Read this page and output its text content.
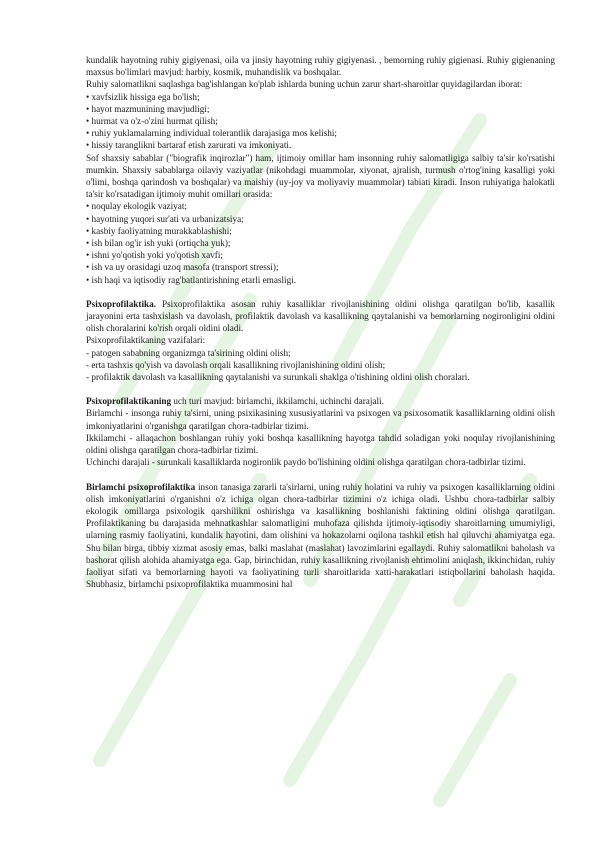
kundalik hayotning ruhiy gigiyenasi, oila va jinsiy hayotning ruhiy gigiyenasi. , bemorning ruhiy gigienasi. Ruhiy gigienaning maxsus bo'limlari mavjud: harbiy, kosmik, muhandislik va boshqalar.

Ruhiy salomatlikni saqlashga bag'ishlangan ko'plab ishlarda buning uchun zarur shart-sharoitlar quyidagilardan iborat:

• xavfsizlik hissiga ega bo'lish;

• hayot mazmunining mavjudligi;

• hurmat va o'z-o'zini hurmat qilish;

• ruhiy yuklamalarning individual tolerantlik darajasiga mos kelishi;

• hissiy taranglikni bartaraf etish zarurati va imkoniyati.

Sof shaxsiy sabablar ("biografik inqirozlar") ham, ijtimoiy omillar ham insonning ruhiy salomatligiga salbiy ta'sir ko'rsatishi mumkin. Shaxsiy sabablarga oilaviy vaziyatlar (nikohdagi muammolar, xiyonat, ajralish, turmush o'rtog'ining kasalligi yoki o'limi, boshqa qarindosh va boshqalar) va maishiy (uy-joy va moliyaviy muammolar) tabiati kiradi. Inson ruhiyatiga halokatli ta'sir ko'rsatadigan ijtimoiy muhit omillari orasida:

• noqulay ekologik vaziyat;

• hayotning yuqori sur'ati va urbanizatsiya;

• kasbiy faoliyatning murakkablashishi;

• ish bilan og'ir ish yuki (ortiqcha yuk);

• ishni yo'qotish yoki yo'qotish xavfi;

• ish va uy orasidagi uzoq masofa (transport stressi);

• ish haqi va iqtisodiy rag'batlantirishning etarli emasligi.

Psixoprofilaktika. Psixoprofilaktika asosan ruhiy kasalliklar rivojlanishining oldini olishga qaratilgan bo'lib, kasallik jarayonini erta tashxislash va davolash, profilaktik davolash va kasallikning qaytalanishi va bemorlarning nogironligini oldini olish choralarini ko'rish orqali oldini oladi.

Psixoprofilaktikaning vazifalari:

- patogen sababning organizmga ta'sirining oldini olish;

- erta tashxis qo'yish va davolash orqali kasallikning rivojlanishining oldini olish;

- profilaktik davolash va kasallikning qaytalanishi va surunkali shaklga o'tishining oldini olish choralari.

Psixoprofilaktikaning uch turi mavjud: birlamchi, ikkilamchi, uchinchi darajali.

Birlamchi - insonga ruhiy ta'sirni, uning psixikasining xususiyatlarini va psixogen va psixosomatik kasalliklarning oldini olish imkoniyatlarini o'rganishga qaratilgan chora-tadbirlar tizimi.

Ikkilamchi - allaqachon boshlangan ruhiy yoki boshqa kasallikning hayotga tahdid soladigan yoki noqulay rivojlanishining oldini olishga qaratilgan chora-tadbirlar tizimi.

Uchinchi darajali - surunkali kasalliklarda nogironlik paydo bo'lishining oldini olishga qaratilgan chora-tadbirlar tizimi.

Birlamchi psixoprofilaktika inson tanasiga zararli ta'sirlarni, uning ruhiy holatini va ruhiy va psixogen kasalliklarning oldini olish imkoniyatlarini o'rganishni o'z ichiga olgan chora-tadbirlar tizimini o'z ichiga oladi. Ushbu chora-tadbirlar salbiy ekologik omillarga psixologik qarshilikni oshirishga va kasallikning boshlanishi faktining oldini olishga qaratilgan. Profilaktikaning bu darajasida mehnatkashlar salomatligini muhofaza qilishda ijtimoiy-iqtisodiy sharoitlarning umumiyligi, ularning rasmiy faoliyatini, kundalik hayotini, dam olishini va hokazolarni oqilona tashkil etish hal qiluvchi ahamiyatga ega. Shu bilan birga, tibbiy xizmat asosiy emas, balki maslahat (maslahat) lavozimlarini egallaydi. Ruhiy salomatlikni baholash va bashorat qilish alohida ahamiyatga ega. Gap, birinchidan, ruhiy kasallikning rivojlanish ehtimolini aniqlash, ikkinchidan, ruhiy faoliyat sifati va bemorlarning hayoti va faoliyatining turli sharoitlarida xatti-harakatlari istiqbollarini baholash haqida. Shubhasiz, birlamchi psixoprofilaktika muammosini hal
